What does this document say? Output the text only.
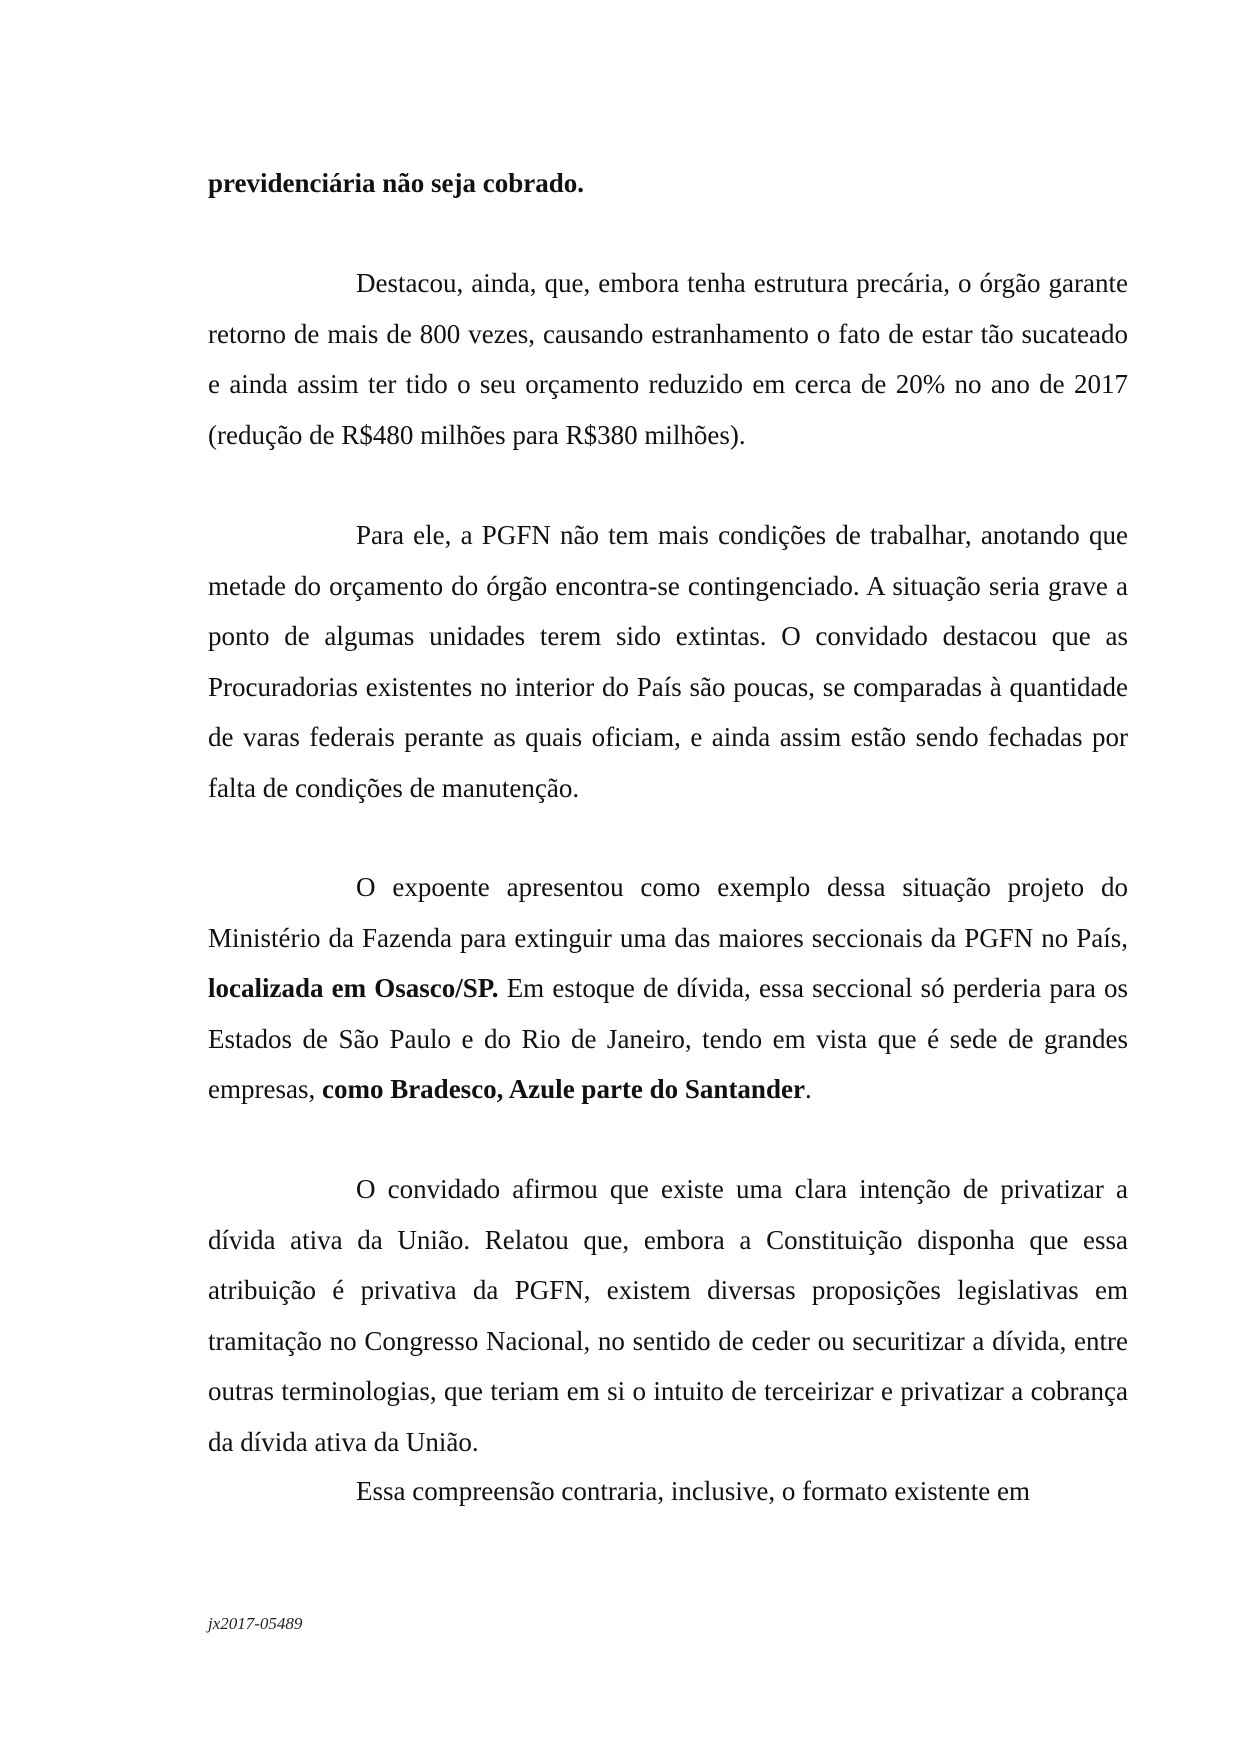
previdenciária não seja cobrado.

Destacou, ainda, que, embora tenha estrutura precária, o órgão garante retorno de mais de 800 vezes, causando estranhamento o fato de estar tão sucateado e ainda assim ter tido o seu orçamento reduzido em cerca de 20% no ano de 2017 (redução de R$480 milhões para R$380 milhões).

Para ele, a PGFN não tem mais condições de trabalhar, anotando que metade do orçamento do órgão encontra-se contingenciado. A situação seria grave a ponto de algumas unidades terem sido extintas. O convidado destacou que as Procuradorias existentes no interior do País são poucas, se comparadas à quantidade de varas federais perante as quais oficiam, e ainda assim estão sendo fechadas por falta de condições de manutenção.

O expoente apresentou como exemplo dessa situação projeto do Ministério da Fazenda para extinguir uma das maiores seccionais da PGFN no País, localizada em Osasco/SP. Em estoque de dívida, essa seccional só perderia para os Estados de São Paulo e do Rio de Janeiro, tendo em vista que é sede de grandes empresas, como Bradesco, Azule parte do Santander.

O convidado afirmou que existe uma clara intenção de privatizar a dívida ativa da União. Relatou que, embora a Constituição disponha que essa atribuição é privativa da PGFN, existem diversas proposições legislativas em tramitação no Congresso Nacional, no sentido de ceder ou securitizar a dívida, entre outras terminologias, que teriam em si o intuito de terceirizar e privatizar a cobrança da dívida ativa da União.

Essa compreensão contraria, inclusive, o formato existente em

jx2017-05489
